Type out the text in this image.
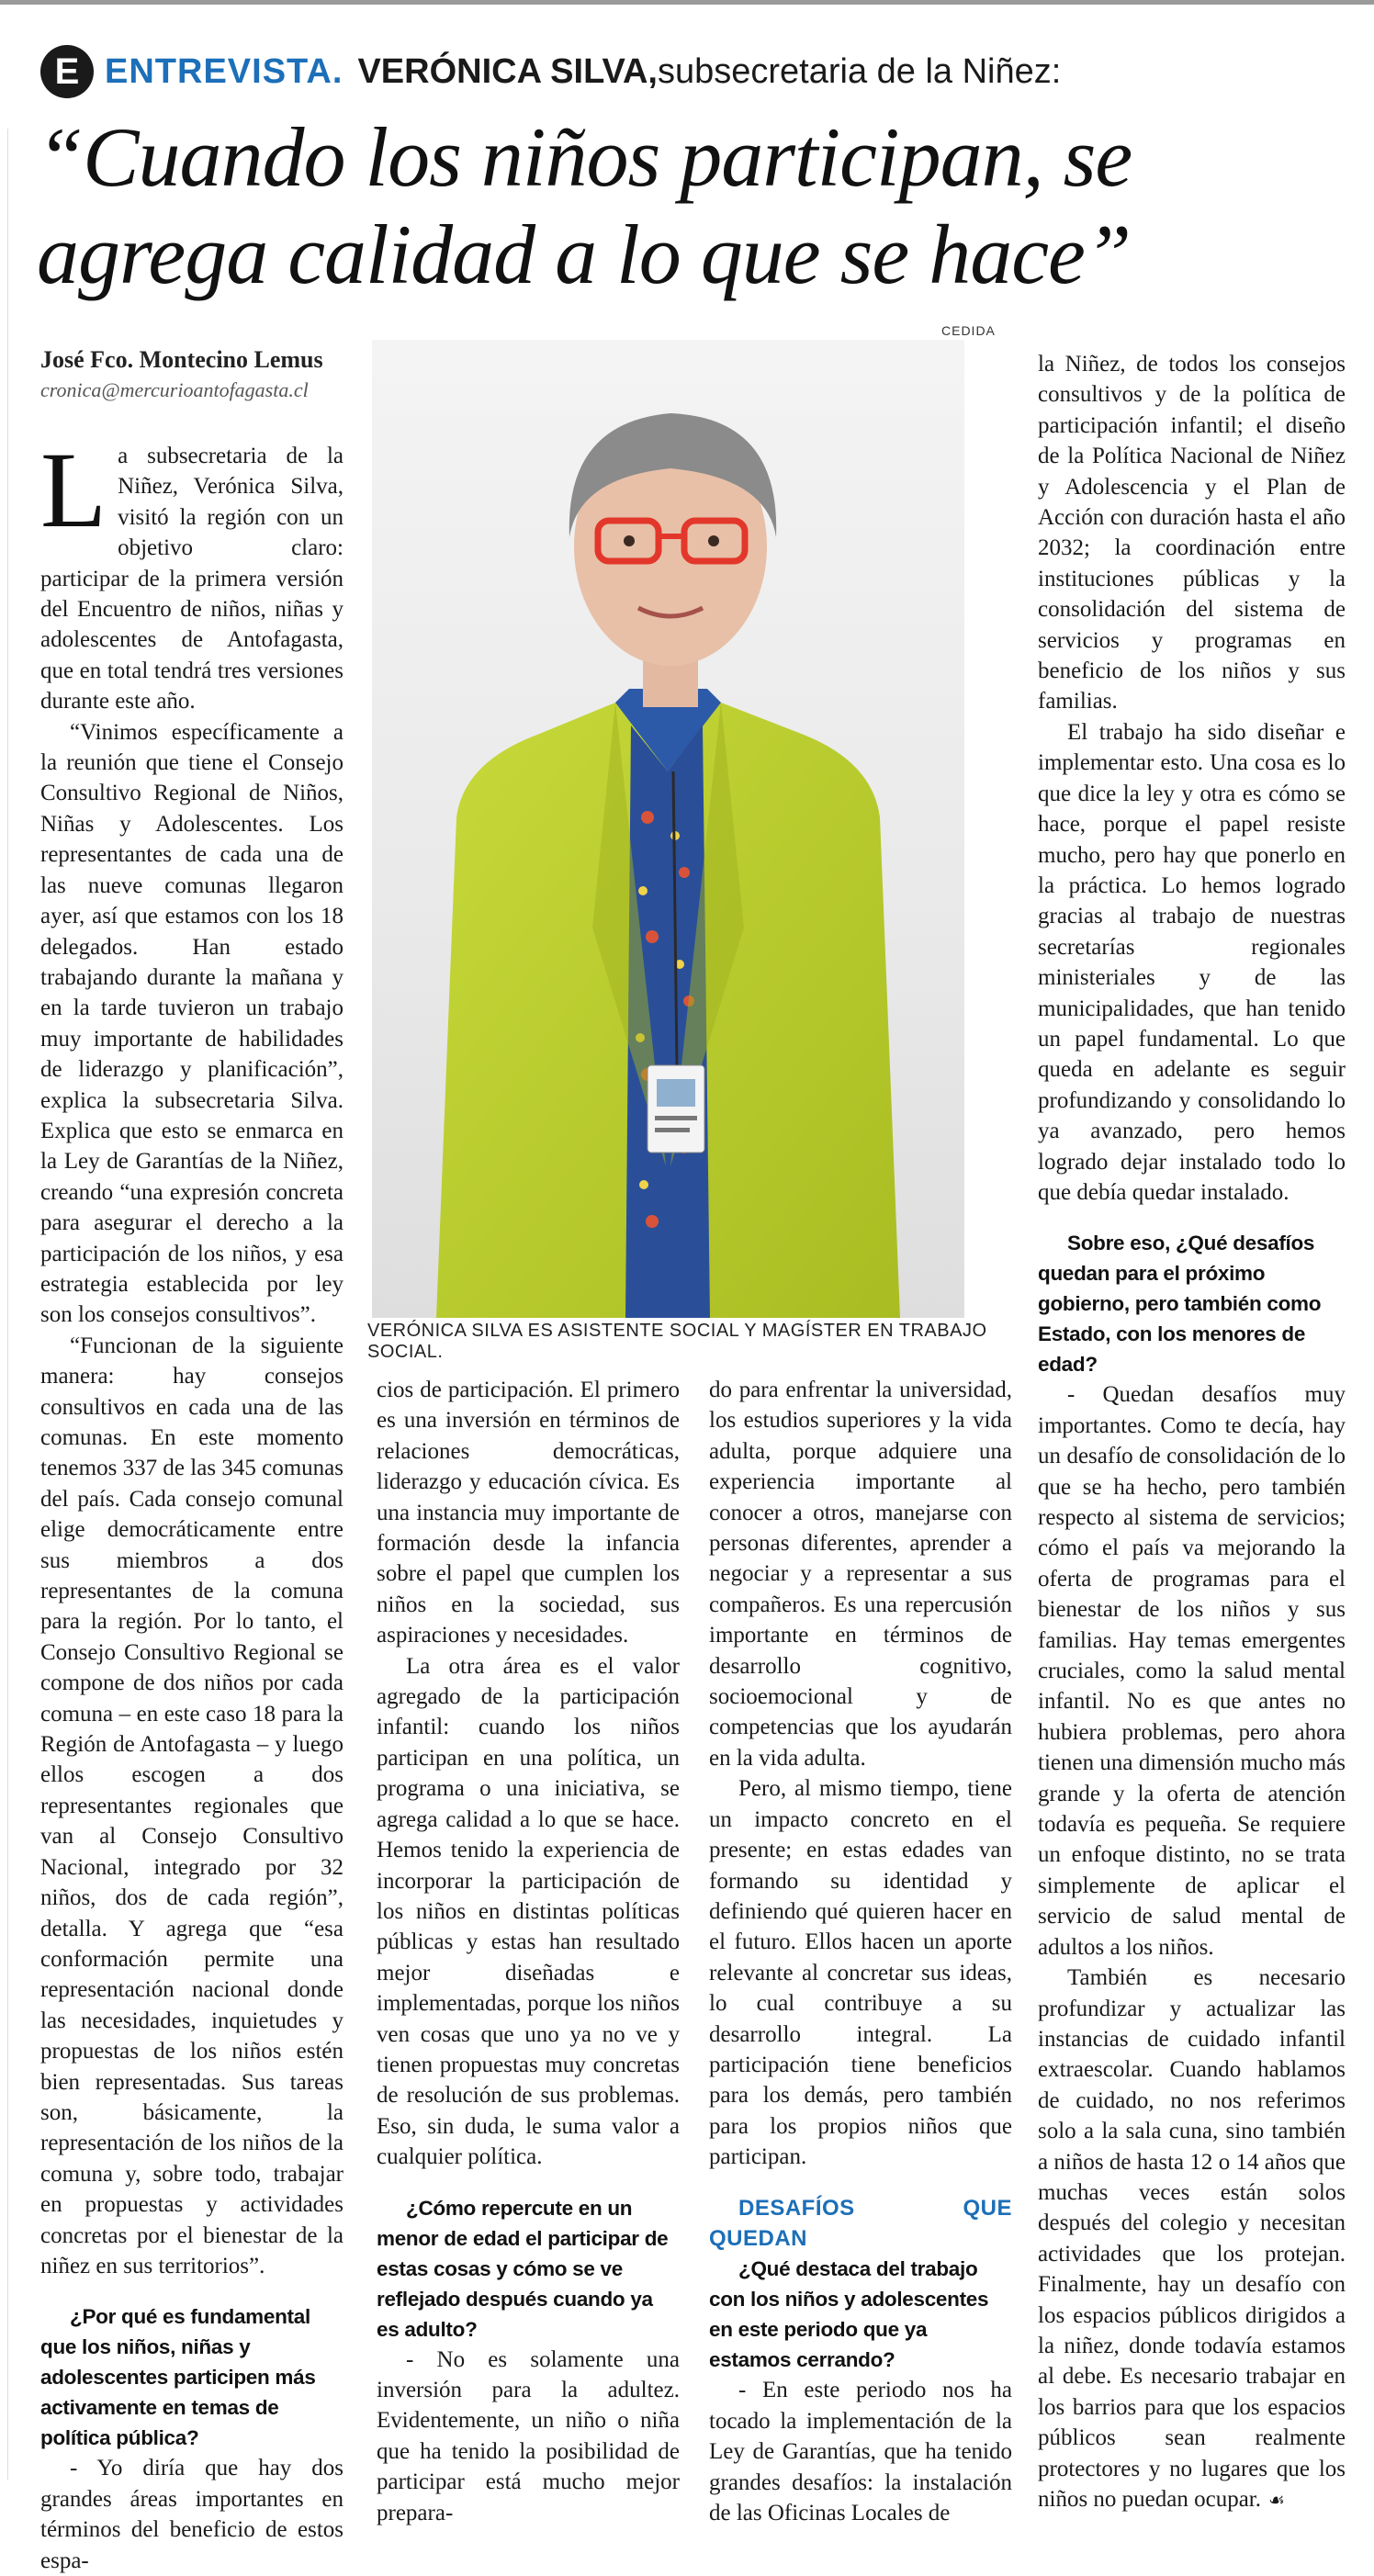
E ENTREVISTA. VERÓNICA SILVA, subsecretaria de la Niñez:
“Cuando los niños participan, se agrega calidad a lo que se hace”
CEDIDA
José Fco. Montecino Lemus
cronica@mercurioantofagasta.cl
VERÓNICA SILVA ES ASISTENTE SOCIAL Y MAGÍSTER EN TRABAJO SOCIAL.

La subsecretaria de la Niñez, Verónica Silva, visitó la región con un objetivo claro: participar de la primera versión del Encuentro de niños, niñas y adolescentes de Antofagasta, que en total tendrá tres versiones durante este año.

“Vinimos específicamente a la reunión que tiene el Consejo Consultivo Regional de Niños, Niñas y Adolescentes. Los representantes de cada una de las nueve comunas llegaron ayer, así que estamos con los 18 delegados. Han estado trabajando durante la mañana y en la tarde tuvieron un trabajo muy importante de habilidades de liderazgo y planificación”, explica la subsecretaria Silva. Explica que esto se enmarca en la Ley de Garantías de la Niñez, creando “una expresión concreta para asegurar el derecho a la participación de los niños, y esa estrategia establecida por ley son los consejos consultivos”.

“Funcionan de la siguiente manera: hay consejos consultivos en cada una de las comunas. En este momento tenemos 337 de las 345 comunas del país. Cada consejo comunal elige democráticamente entre sus miembros a dos representantes de la comuna para la región. Por lo tanto, el Consejo Consultivo Regional se compone de dos niños por cada comuna – en este caso 18 para la Región de Antofagasta – y luego ellos escogen a dos representantes regionales que van al Consejo Consultivo Nacional, integrado por 32 niños, dos de cada región”, detalla. Y agrega que “esa conformación permite una representación nacional donde las necesidades, inquietudes y propuestas de los niños estén bien representadas. Sus tareas son, básicamente, la representación de los niños de la comuna y, sobre todo, trabajar en propuestas y actividades concretas por el bienestar de la niñez en sus territorios”.

¿Por qué es fundamental que los niños, niñas y adolescentes participen más activamente en temas de política pública?

- Yo diría que hay dos grandes áreas importantes en términos del beneficio de estos espa-

cios de participación. El primero es una inversión en términos de relaciones democráticas, liderazgo y educación cívica. Es una instancia muy importante de formación desde la infancia sobre el papel que cumplen los niños en la sociedad, sus aspiraciones y necesidades.

La otra área es el valor agregado de la participación infantil: cuando los niños participan en una política, un programa o una iniciativa, se agrega calidad a lo que se hace. Hemos tenido la experiencia de incorporar la participación de los niños en distintas políticas públicas y estas han resultado mejor diseñadas e implementadas, porque los niños ven cosas que uno ya no ve y tienen propuestas muy concretas de resolución de sus problemas. Eso, sin duda, le suma valor a cualquier política.

¿Cómo repercute en un menor de edad el participar de estas cosas y cómo se ve reflejado después cuando ya es adulto?

- No es solamente una inversión para la adultez. Evidentemente, un niño o niña que ha tenido la posibilidad de participar está mucho mejor prepara-

do para enfrentar la universidad, los estudios superiores y la vida adulta, porque adquiere una experiencia importante al conocer a otros, manejarse con personas diferentes, aprender a negociar y a representar a sus compañeros. Es una repercusión importante en términos de desarrollo cognitivo, socioemocional y de competencias que los ayudarán en la vida adulta.

Pero, al mismo tiempo, tiene un impacto concreto en el presente; en estas edades van formando su identidad y definiendo qué quieren hacer en el futuro. Ellos hacen un aporte relevante al concretar sus ideas, lo cual contribuye a su desarrollo integral. La participación tiene beneficios para los demás, pero también para los propios niños que participan.

DESAFÍOS QUE QUEDAN

¿Qué destaca del trabajo con los niños y adolescentes en este periodo que ya estamos cerrando?

- En este periodo nos ha tocado la implementación de la Ley de Garantías, que ha tenido grandes desafíos: la instalación de las Oficinas Locales de

la Niñez, de todos los consejos consultivos y de la política de participación infantil; el diseño de la Política Nacional de Niñez y Adolescencia y el Plan de Acción con duración hasta el año 2032; la coordinación entre instituciones públicas y la consolidación del sistema de servicios y programas en beneficio de los niños y sus familias.

El trabajo ha sido diseñar e implementar esto. Una cosa es lo que dice la ley y otra es cómo se hace, porque el papel resiste mucho, pero hay que ponerlo en la práctica. Lo hemos logrado gracias al trabajo de nuestras secretarías regionales ministeriales y de las municipalidades, que han tenido un papel fundamental. Lo que queda en adelante es seguir profundizando y consolidando lo ya avanzado, pero hemos logrado dejar instalado todo lo que debía quedar instalado.

Sobre eso, ¿Qué desafíos quedan para el próximo gobierno, pero también como Estado, con los menores de edad?

- Quedan desafíos muy importantes. Como te decía, hay un desafío de consolidación de lo que se ha hecho, pero también respecto al sistema de servicios; cómo el país va mejorando la oferta de programas para el bienestar de los niños y sus familias. Hay temas emergentes cruciales, como la salud mental infantil. No es que antes no hubiera problemas, pero ahora tienen una dimensión mucho más grande y la oferta de atención todavía es pequeña. Se requiere un enfoque distinto, no se trata simplemente de aplicar el servicio de salud mental de adultos a los niños.

También es necesario profundizar y actualizar las instancias de cuidado infantil extraescolar. Cuando hablamos de cuidado, no nos referimos solo a la sala cuna, sino también a niños de hasta 12 o 14 años que muchas veces están solos después del colegio y necesitan actividades que los protejan. Finalmente, hay un desafío con los espacios públicos dirigidos a la niñez, donde todavía estamos al debe. Es necesario trabajar en los barrios para que los espacios públicos sean realmente protectores y no lugares que los niños no puedan ocupar. ☙
